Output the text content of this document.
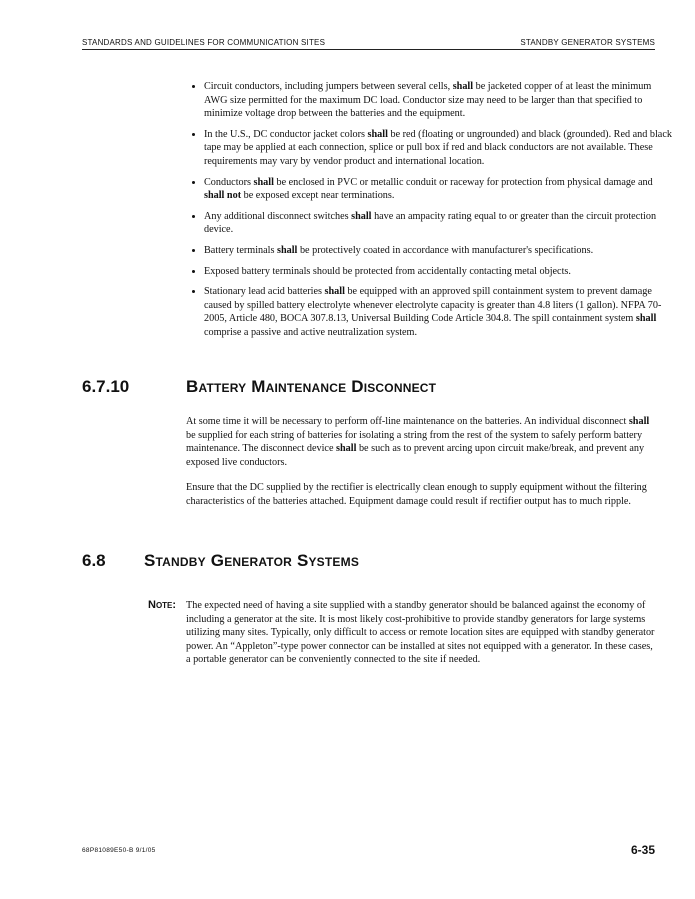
STANDARDS AND GUIDELINES FOR COMMUNICATION SITES	STANDBY GENERATOR SYSTEMS
• Circuit conductors, including jumpers between several cells, shall be jacketed copper of at least the minimum AWG size permitted for the maximum DC load. Conductor size may need to be larger than that specified to minimize voltage drop between the batteries and the equipment.
• In the U.S., DC conductor jacket colors shall be red (floating or ungrounded) and black (grounded). Red and black tape may be applied at each connection, splice or pull box if red and black conductors are not available. These requirements may vary by vendor product and international location.
• Conductors shall be enclosed in PVC or metallic conduit or raceway for protection from physical damage and shall not be exposed except near terminations.
• Any additional disconnect switches shall have an ampacity rating equal to or greater than the circuit protection device.
• Battery terminals shall be protectively coated in accordance with manufacturer's specifications.
• Exposed battery terminals should be protected from accidentally contacting metal objects.
• Stationary lead acid batteries shall be equipped with an approved spill containment system to prevent damage caused by spilled battery electrolyte whenever electrolyte capacity is greater than 4.8 liters (1 gallon). NFPA 70-2005, Article 480, BOCA 307.8.13, Universal Building Code Article 304.8. The spill containment system shall comprise a passive and active neutralization system.
6.7.10	Battery Maintenance Disconnect

At some time it will be necessary to perform off-line maintenance on the batteries. An individual disconnect shall be supplied for each string of batteries for isolating a string from the rest of the system to safely perform battery maintenance. The disconnect device shall be such as to prevent arcing upon circuit make/break, and prevent any exposed live conductors.

Ensure that the DC supplied by the rectifier is electrically clean enough to supply equipment without the filtering characteristics of the batteries attached. Equipment damage could result if rectifier output has to much ripple.

6.8 Standby Generator Systems
Note: The expected need of having a site supplied with a standby generator should be balanced against the economy of including a generator at the site. It is most likely cost-prohibitive to provide standby generators for large systems utilizing many sites. Typically, only difficult to access or remote location sites are equipped with standby generator power. An “Appleton”-type power connector can be installed at sites not equipped with a generator. In these cases, a portable generator can be conveniently connected to the site if needed.

68P81089E50-B 9/1/05	6-35
